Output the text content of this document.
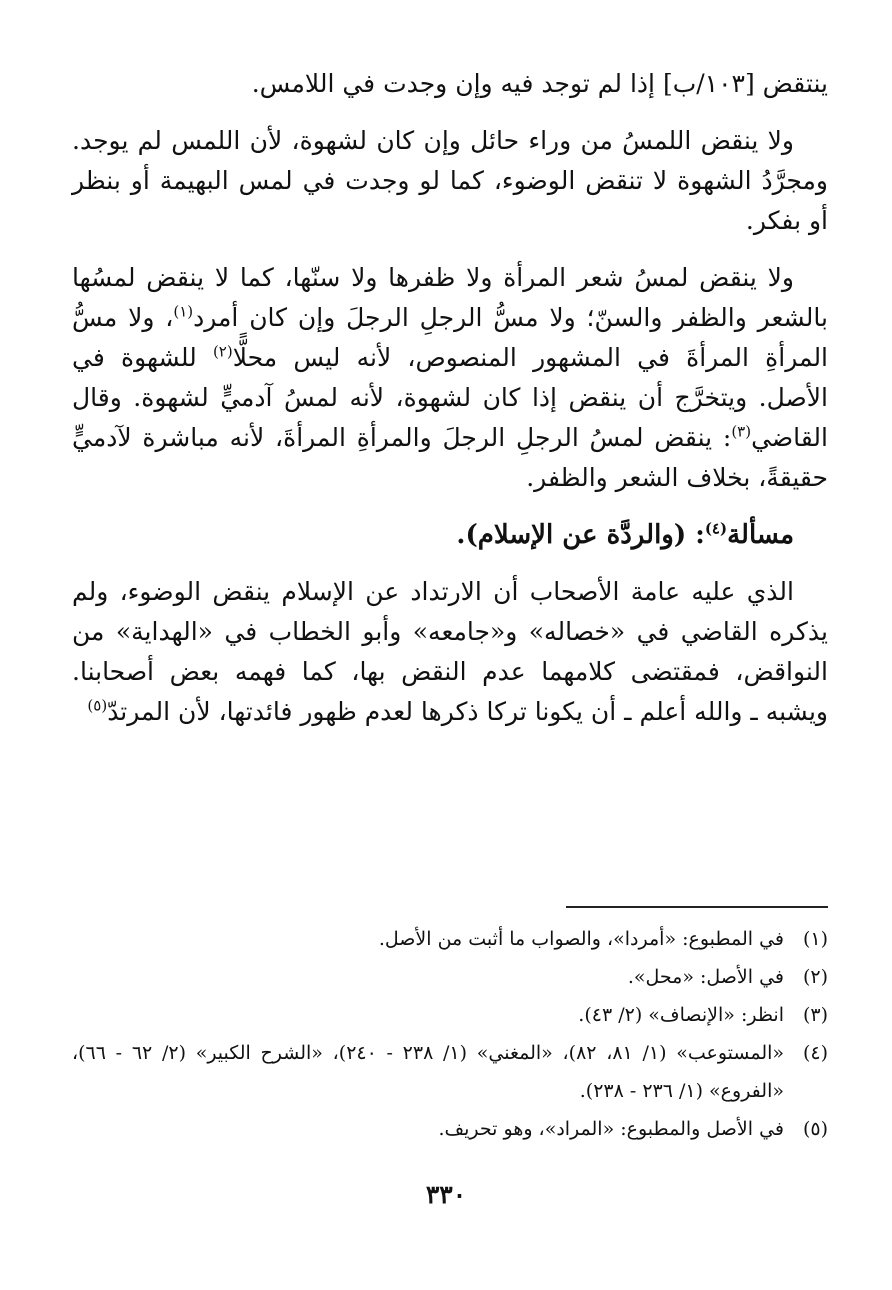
ينتقض [١٠٣/ب] إذا لم توجد فيه وإن وجدت في اللامس.

ولا ينقض اللمسُ من وراء حائل وإن كان لشهوة، لأن اللمس لم يوجد. ومجرَّدُ الشهوة لا تنقض الوضوء، كما لو وجدت في لمس البهيمة أو بنظر أو بفكر.

ولا ينقض لمسُ شعر المرأة ولا ظفرها ولا سنّها، كما لا ينقض لمسُها بالشعر والظفر والسنّ؛ ولا مسُّ الرجلِ الرجلَ وإن كان أمرد$^{(١)}$، ولا مسُّ المرأةِ المرأةَ في المشهور المنصوص، لأنه ليس محلًّا$^{(٢)}$ للشهوة في الأصل. ويتخرَّج أن ينقض إذا كان لشهوة، لأنه لمسُ آدميٍّ لشهوة. وقال القاضي$^{(٣)}$: ينقض لمسُ الرجلِ الرجلَ والمرأةِ المرأةَ، لأنه مباشرة لآدميٍّ حقيقةً، بخلاف الشعر والظفر.

مسألة$^{(٤)}$: (والردَّة عن الإسلام).

الذي عليه عامة الأصحاب أن الارتداد عن الإسلام ينقض الوضوء، ولم يذكره القاضي في «خصاله» و«جامعه» وأبو الخطاب في «الهداية» من النواقض، فمقتضى كلامهما عدم النقض بها، كما فهمه بعض أصحابنا. ويشبه ـ والله أعلم ـ أن يكونا تركا ذكرها لعدم ظهور فائدتها، لأن المرتدّ$^{(٥)}$

(١)
في المطبوع: «أمردا»، والصواب ما أثبت من الأصل.
(٢)
في الأصل: «محل».
(٣)
انظر: «الإنصاف» (٢/ ٤٣).
(٤)
«المستوعب» (١/ ٨١، ٨٢)، «المغني» (١/ ٢٣٨ - ٢٤٠)، «الشرح الكبير» (٢/ ٦٢ - ٦٦)، «الفروع» (١/ ٢٣٦ - ٢٣٨).
(٥)
في الأصل والمطبوع: «المراد»، وهو تحريف.
٣٣٠
